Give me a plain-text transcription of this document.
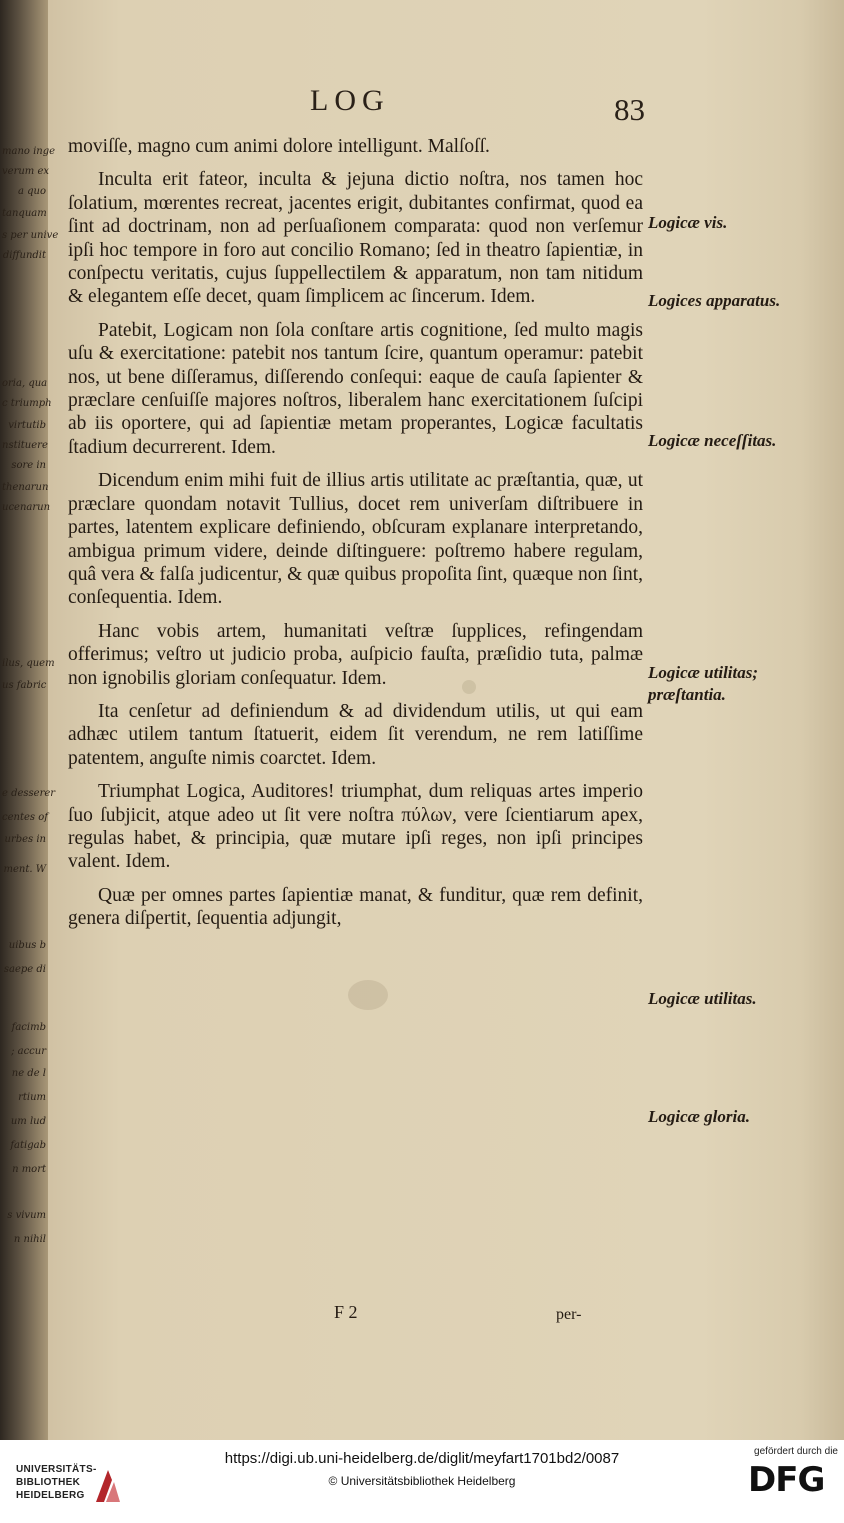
mano inge
verum ex
a quo
tanquam
s per unive
diffundit
oria, qua
c triumph
virtutib
nstituere
sore in
thenarun
ucenarun
ilus, quem
us fabric
e desserer
centes of
urbes in
ment. W
uibus b
saepe di
facimb
; accur
ne de l
rtium
um lud
fatigab
n mort
s vivum
n nihil
LOG	83

moviſſe, magno cum animi dolore intelligunt. Malſoſſ.

Inculta erit fateor, inculta & jejuna dictio noſtra, nos tamen hoc ſolatium, mœrentes recreat, jacentes erigit, dubitantes confirmat, quod ea ſint ad doctrinam, non ad perſuaſionem comparata: quod non verſemur ipſi hoc tempore in foro aut concilio Romano; ſed in theatro ſapientiæ, in conſpectu veritatis, cujus ſuppellectilem & apparatum, non tam nitidum & elegantem eſſe decet, quam ſimplicem ac ſincerum. Idem.

Patebit, Logicam non ſola conſtare artis cognitione, ſed multo magis uſu & exercitatione: patebit nos tantum ſcire, quantum operamur: patebit nos, ut bene diſſeramus, diſſerendo conſequi: eaque de cauſa ſapienter & præclare cenſuiſſe majores noſtros, liberalem hanc exercitationem ſuſcipi ab iis oportere, qui ad ſapientiæ metam properantes, Logicæ facultatis ſtadium decurrerent. Idem.

Dicendum enim mihi fuit de illius artis utilitate ac præſtantia, quæ, ut præclare quondam notavit Tullius, docet rem univerſam diſtribuere in partes, latentem explicare definiendo, obſcuram explanare interpretando, ambigua primum videre, deinde diſtinguere: poſtremo habere regulam, quâ vera & falſa judicentur, & quæ quibus propoſita ſint, quæque non ſint, conſequentia. Idem.

Hanc vobis artem, humanitati veſtræ ſupplices, refingendam offerimus; veſtro ut judicio proba, auſpicio fauſta, præſidio tuta, palmæ non ignobilis gloriam conſequatur. Idem.

Ita cenſetur ad definiendum & ad dividendum utilis, ut qui eam adhæc utilem tantum ſtatuerit, eidem ſit verendum, ne rem latiſſime patentem, anguſte nimis coarctet. Idem.

Triumphat Logica, Auditores! triumphat, dum reliquas artes imperio ſuo ſubjicit, atque adeo ut ſit vere noſtra πύλων, vere ſcientiarum apex, regulas habet, & principia, quæ mutare ipſi reges, non ipſi principes valent. Idem.

Quæ per omnes partes ſapientiæ manat, & funditur, quæ rem definit, genera diſpertit, ſequentia adjungit,

Logicæ vis.
Logices apparatus.
Logicæ neceſſitas.
Logicæ utilitas; præſtantia.
Logicæ utilitas.
Logicæ gloria.
F 2	per-
UNIVERSITÄTS-
BIBLIOTHEK
HEIDELBERG
https://digi.ub.uni-heidelberg.de/diglit/meyfart1701bd2/0087
© Universitätsbibliothek Heidelberg
gefördert durch die
DFG
